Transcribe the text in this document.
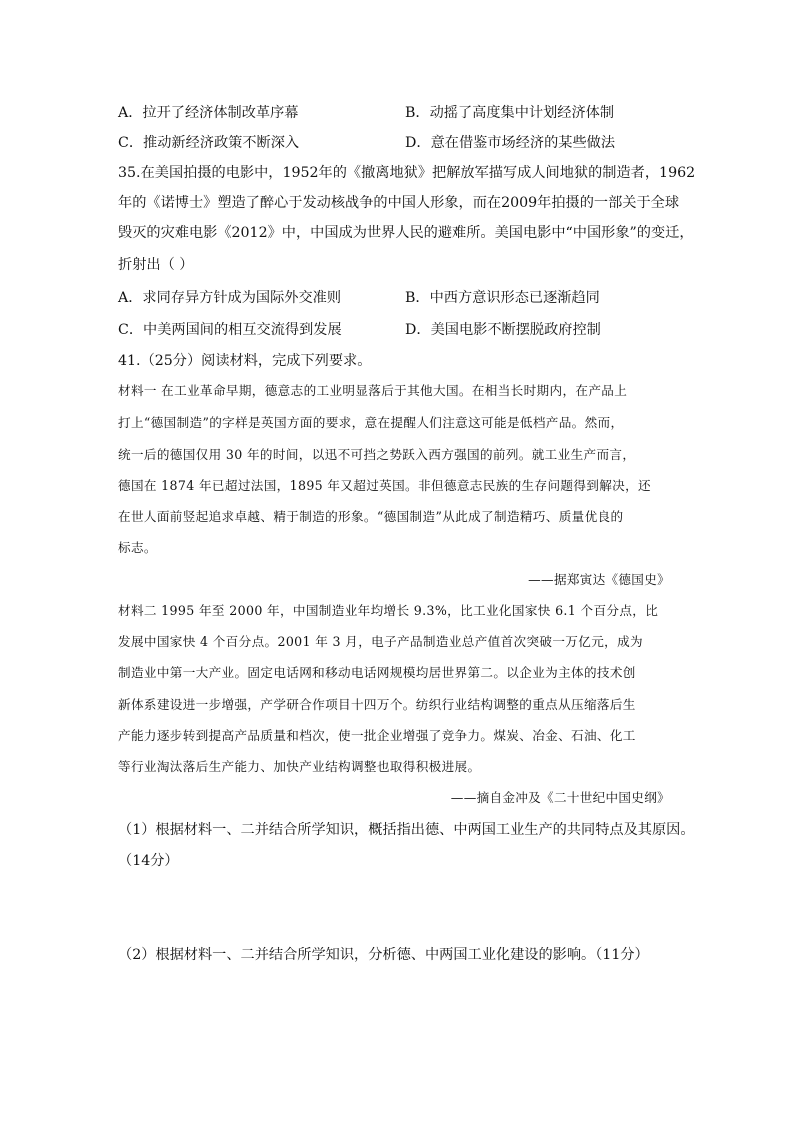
A．拉开了经济体制改革序幕	B．动摇了高度集中计划经济体制
C．推动新经济政策不断深入	D．意在借鉴市场经济的某些做法
35.在美国拍摄的电影中，1952年的《撤离地狱》把解放军描写成人间地狱的制造者，1962
年的《诺博士》塑造了醉心于发动核战争的中国人形象，而在2009年拍摄的一部关于全球
毁灭的灾难电影《2012》中，中国成为世界人民的避难所。美国电影中“中国形象”的变迁，
折射出（ ）
A．求同存异方针成为国际外交准则	B．中西方意识形态已逐渐趋同
C．中美两国间的相互交流得到发展	D．美国电影不断摆脱政府控制
41.（25分）阅读材料，完成下列要求。
材料一 在工业革命早期，德意志的工业明显落后于其他大国。在相当长时期内，在产品上
打上“德国制造”的字样是英国方面的要求，意在提醒人们注意这可能是低档产品。然而，
统一后的德国仅用 30 年的时间，以迅不可挡之势跃入西方强国的前列。就工业生产而言，
德国在 1874 年已超过法国，1895 年又超过英国。非但德意志民族的生存问题得到解决，还
在世人面前竖起追求卓越、精于制造的形象。“德国制造”从此成了制造精巧、质量优良的
标志。
——据郑寅达《德国史》
材料二 1995 年至 2000 年，中国制造业年均增长 9.3%，比工业化国家快 6.1 个百分点，比
发展中国家快 4 个百分点。2001 年 3 月，电子产品制造业总产值首次突破一万亿元，成为
制造业中第一大产业。固定电话网和移动电话网规模均居世界第二。以企业为主体的技术创
新体系建设进一步增强，产学研合作项目十四万个。纺织行业结构调整的重点从压缩落后生
产能力逐步转到提高产品质量和档次，使一批企业增强了竞争力。煤炭、冶金、石油、化工
等行业淘汰落后生产能力、加快产业结构调整也取得积极进展。
——摘自金冲及《二十世纪中国史纲》
（1）根据材料一、二并结合所学知识，概括指出德、中两国工业生产的共同特点及其原因。
（14分）
（2）根据材料一、二并结合所学知识，分析德、中两国工业化建设的影响。（11分）
